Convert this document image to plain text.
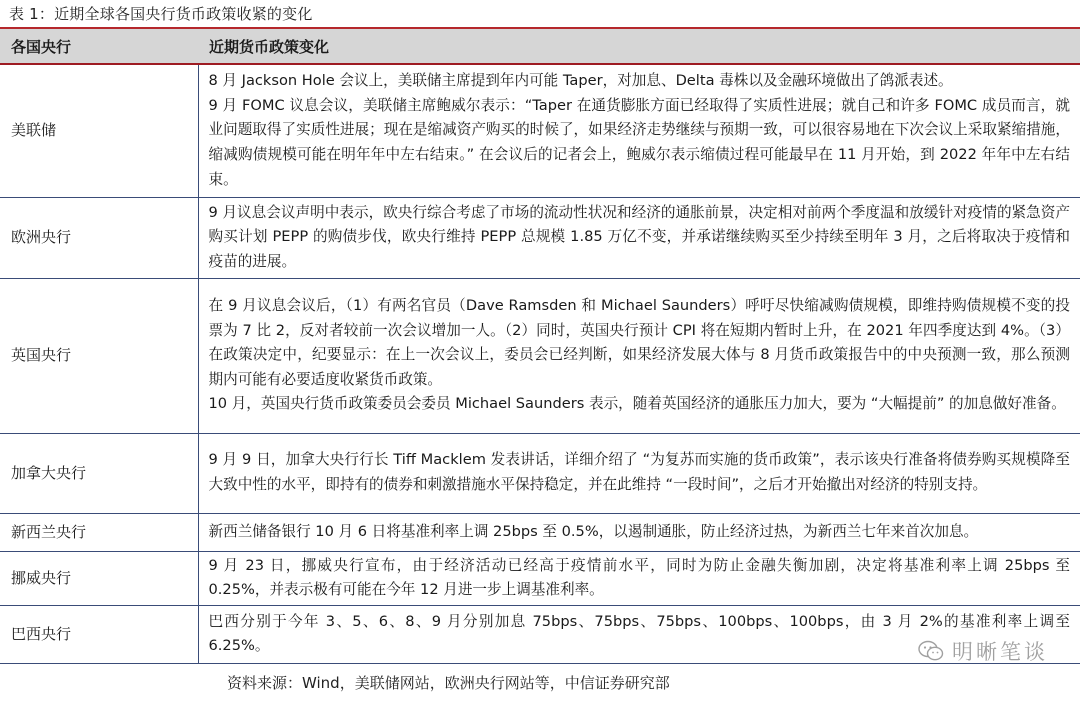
表 1：近期全球各国央行货币政策收紧的变化
各国央行	近期货币政策变化
美联储	8 月 Jackson Hole 会议上，美联储主席提到年内可能 Taper，对加息、Delta 毒株以及金融环境做出了鸽派表述。
9 月 FOMC 议息会议，美联储主席鲍威尔表示：“Taper 在通货膨胀方面已经取得了实质性进展；就自己和许多 FOMC 成员而言，就业问题取得了实质性进展；现在是缩减资产购买的时候了，如果经济走势继续与预期一致，可以很容易地在下次会议上采取紧缩措施，缩减购债规模可能在明年年中左右结束。” 在会议后的记者会上，鲍威尔表示缩债过程可能最早在 11 月开始，到 2022 年年中左右结束。

欧洲央行	9 月议息会议声明中表示，欧央行综合考虑了市场的流动性状况和经济的通胀前景，决定相对前两个季度温和放缓针对疫情的紧急资产购买计划 PEPP 的购债步伐，欧央行维持 PEPP 总规模 1.85 万亿不变，并承诺继续购买至少持续至明年 3 月，之后将取决于疫情和疫苗的进展。

英国央行	在 9 月议息会议后，（1）有两名官员（Dave Ramsden 和 Michael Saunders）呼吁尽快缩减购债规模，即维持购债规模不变的投票为 7 比 2，反对者较前一次会议增加一人。（2）同时，英国央行预计 CPI 将在短期内暂时上升，在 2021 年四季度达到 4%。（3）在政策决定中，纪要显示：在上一次会议上，委员会已经判断，如果经济发展大体与 8 月货币政策报告中的中央预测一致，那么预测期内可能有必要适度收紧货币政策。
10 月，英国央行货币政策委员会委员 Michael Saunders 表示，随着英国经济的通胀压力加大，要为 “大幅提前” 的加息做好准备。

加拿大央行	9 月 9 日，加拿大央行行长 Tiff Macklem 发表讲话，详细介绍了 “为复苏而实施的货币政策”，表示该央行准备将债券购买规模降至大致中性的水平，即持有的债券和刺激措施水平保持稳定，并在此维持 “一段时间”，之后才开始撤出对经济的特别支持。

新西兰央行	新西兰储备银行 10 月 6 日将基准利率上调 25bps 至 0.5%，以遏制通胀，防止经济过热，为新西兰七年来首次加息。

挪威央行	9 月 23 日，挪威央行宣布，由于经济活动已经高于疫情前水平，同时为防止金融失衡加剧，决定将基准利率上调 25bps 至 0.25%，并表示极有可能在今年 12 月进一步上调基准利率。

巴西央行	巴西分别于今年 3、5、6、8、9 月分别加息 75bps、75bps、75bps、100bps、100bps，由 3 月 2%的基准利率上调至 6.25%。
资料来源：Wind，美联储网站，欧洲央行网站等，中信证券研究部
明晰笔谈
